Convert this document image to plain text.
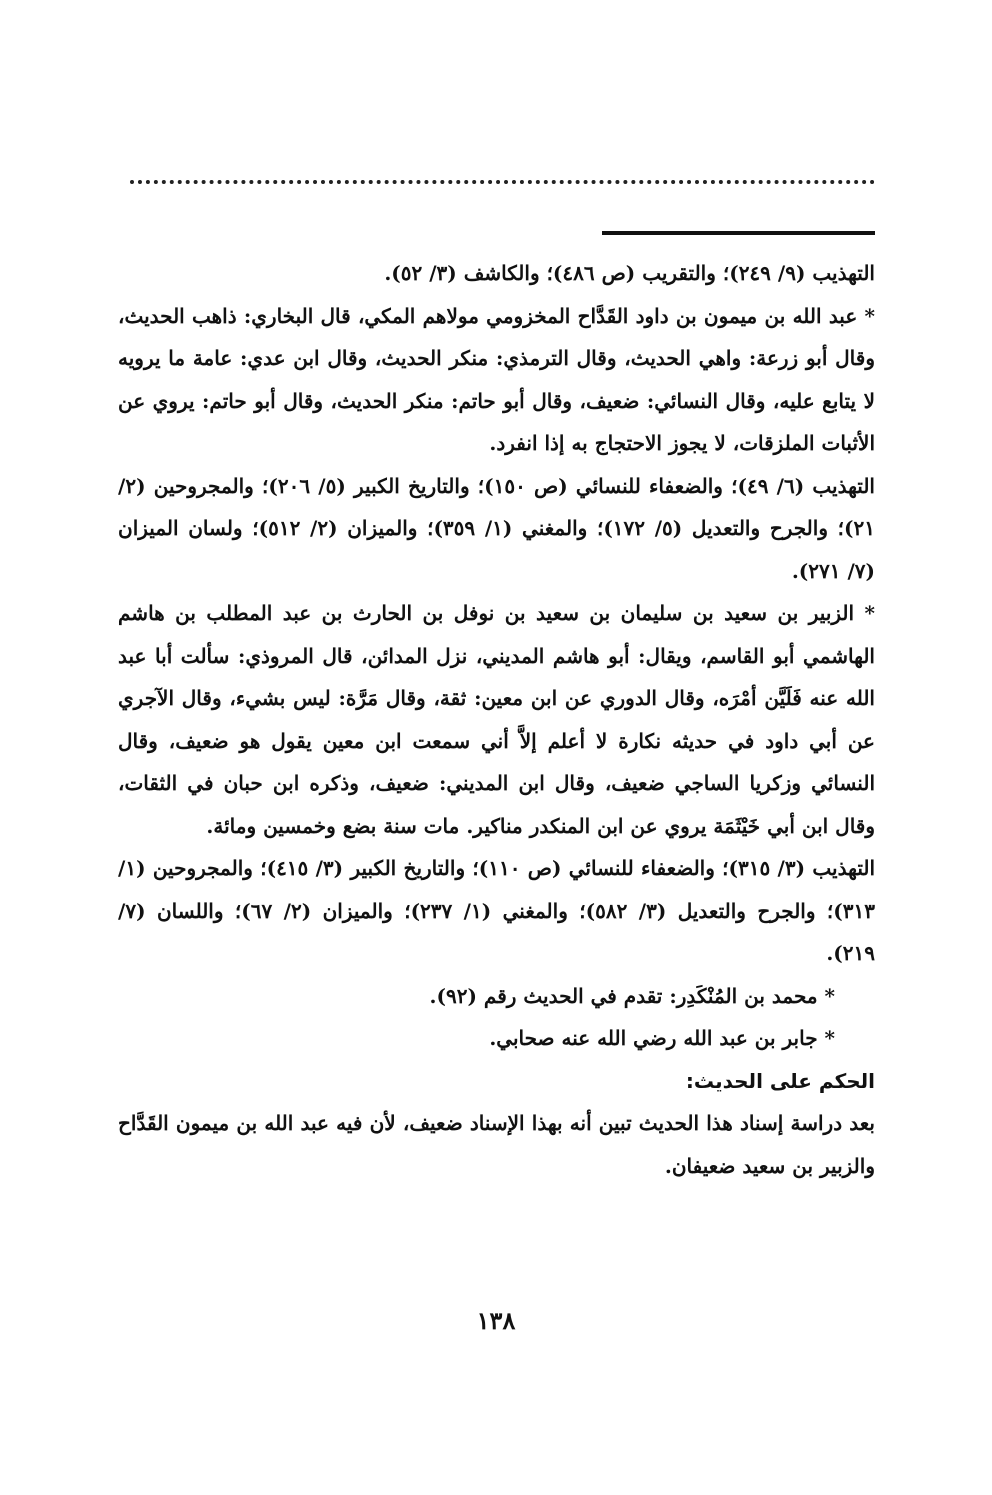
التهذيب (٩/ ٢٤٩)؛ والتقريب (ص ٤٨٦)؛ والكاشف (٣/ ٥٢).

* عبد الله بن ميمون بن داود القَدَّاح المخزومي مولاهم المكي، قال البخاري: ذاهب الحديث، وقال أبو زرعة: واهي الحديث، وقال الترمذي: منكر الحديث، وقال ابن عدي: عامة ما يرويه لا يتابع عليه، وقال النسائي: ضعيف، وقال أبو حاتم: منكر الحديث، وقال أبو حاتم: يروي عن الأثبات الملزقات، لا يجوز الاحتجاج به إذا انفرد.

التهذيب (٦/ ٤٩)؛ والضعفاء للنسائي (ص ١٥٠)؛ والتاريخ الكبير (٥/ ٢٠٦)؛ والمجروحين (٢/ ٢١)؛ والجرح والتعديل (٥/ ١٧٢)؛ والمغني (١/ ٣٥٩)؛ والميزان (٢/ ٥١٢)؛ ولسان الميزان (٧/ ٢٧١).

* الزبير بن سعيد بن سليمان بن سعيد بن نوفل بن الحارث بن عبد المطلب بن هاشم الهاشمي أبو القاسم، ويقال: أبو هاشم المديني، نزل المدائن، قال المروذي: سألت أبا عبد الله عنه فَلَيَّن أمْرَه، وقال الدوري عن ابن معين: ثقة، وقال مَرَّة: ليس بشيء، وقال الآجري عن أبي داود في حديثه نكارة لا أعلم إلاَّ أني سمعت ابن معين يقول هو ضعيف، وقال النسائي وزكريا الساجي ضعيف، وقال ابن المديني: ضعيف، وذكره ابن حبان في الثقات، وقال ابن أبي خَيْثَمَة يروي عن ابن المنكدر مناكير. مات سنة بضع وخمسين ومائة.

التهذيب (٣/ ٣١٥)؛ والضعفاء للنسائي (ص ١١٠)؛ والتاريخ الكبير (٣/ ٤١٥)؛ والمجروحين (١/ ٣١٣)؛ والجرح والتعديل (٣/ ٥٨٢)؛ والمغني (١/ ٢٣٧)؛ والميزان (٢/ ٦٧)؛ واللسان (٧/ ٢١٩).

* محمد بن المُنْكَدِر: تقدم في الحديث رقم (٩٢).

* جابر بن عبد الله رضي الله عنه صحابي.

الحكم على الحديث:

بعد دراسة إسناد هذا الحديث تبين أنه بهذا الإسناد ضعيف، لأن فيه عبد الله بن ميمون القَدَّاح والزبير بن سعيد ضعيفان.

١٣٨
